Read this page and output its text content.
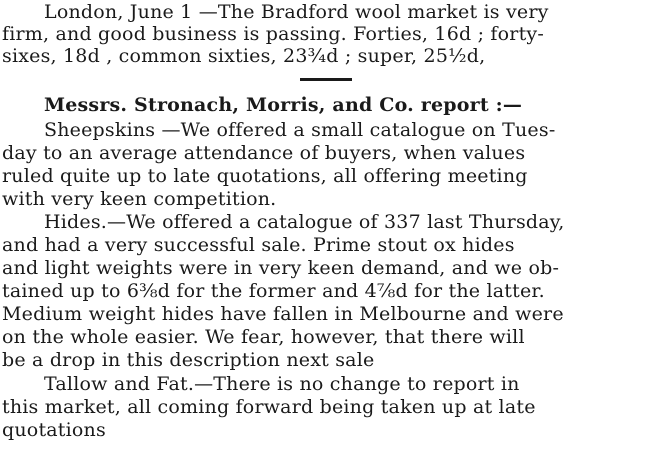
London, June 1 —The Bradford wool market is very
firm, and good business is passing. Forties, 16d ; forty-
sixes, 18d , common sixties, 23¾d ; super, 25½d,
Messrs. Stronach, Morris, and Co. report :—
Sheepskins —We offered a small catalogue on Tues-
day to an average attendance of buyers, when values
ruled quite up to late quotations, all offering meeting
with very keen competition.
Hides.—We offered a catalogue of 337 last Thursday,
and had a very successful sale. Prime stout ox hides
and light weights were in very keen demand, and we ob-
tained up to 6⅜d for the former and 4⅞d for the latter.
Medium weight hides have fallen in Melbourne and were
on the whole easier. We fear, however, that there will
be a drop in this description next sale
Tallow and Fat.—There is no change to report in
this market, all coming forward being taken up at late
quotations
